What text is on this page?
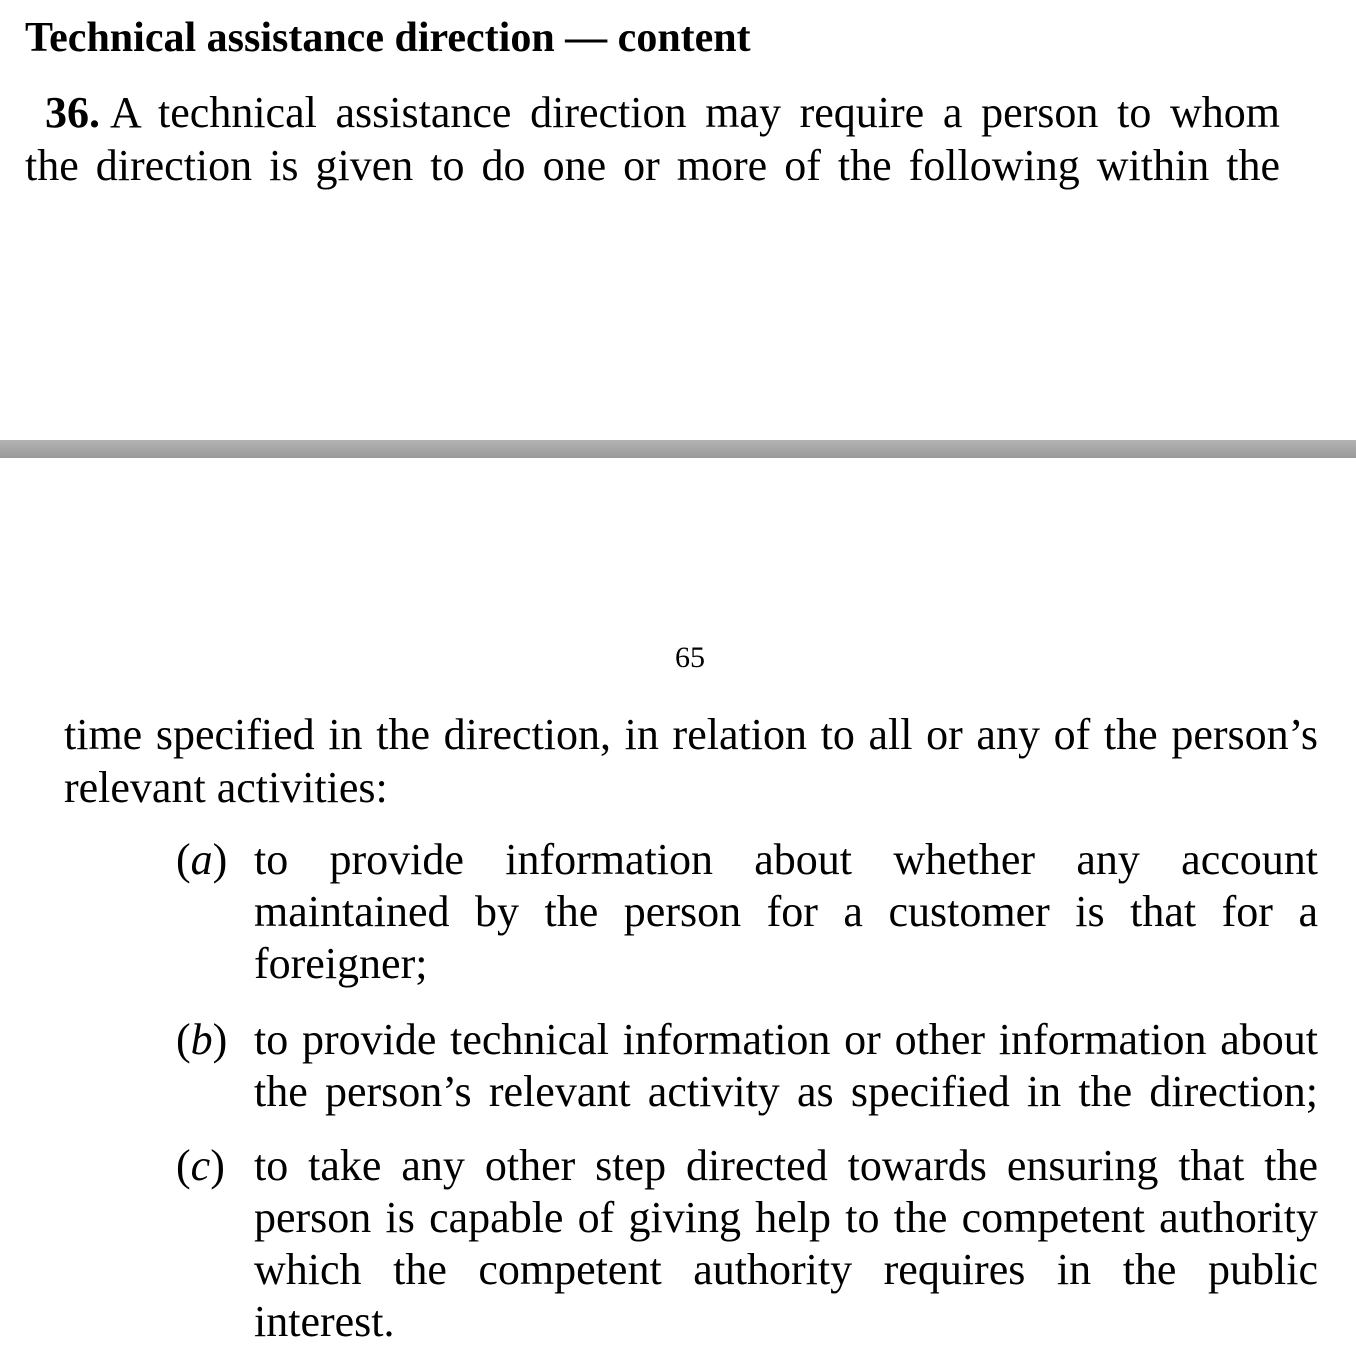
Technical assistance direction — content
36. A technical assistance direction may require a person to whom
the direction is given to do one or more of the following within the
65
time specified in the direction, in relation to all or any of the person’s
relevant activities:
(a) to provide information about whether any account
maintained by the person for a customer is that for a
foreigner;
(b) to provide technical information or other information about
the person’s relevant activity as specified in the direction;
(c) to take any other step directed towards ensuring that the
person is capable of giving help to the competent authority
which the competent authority requires in the public
interest.
